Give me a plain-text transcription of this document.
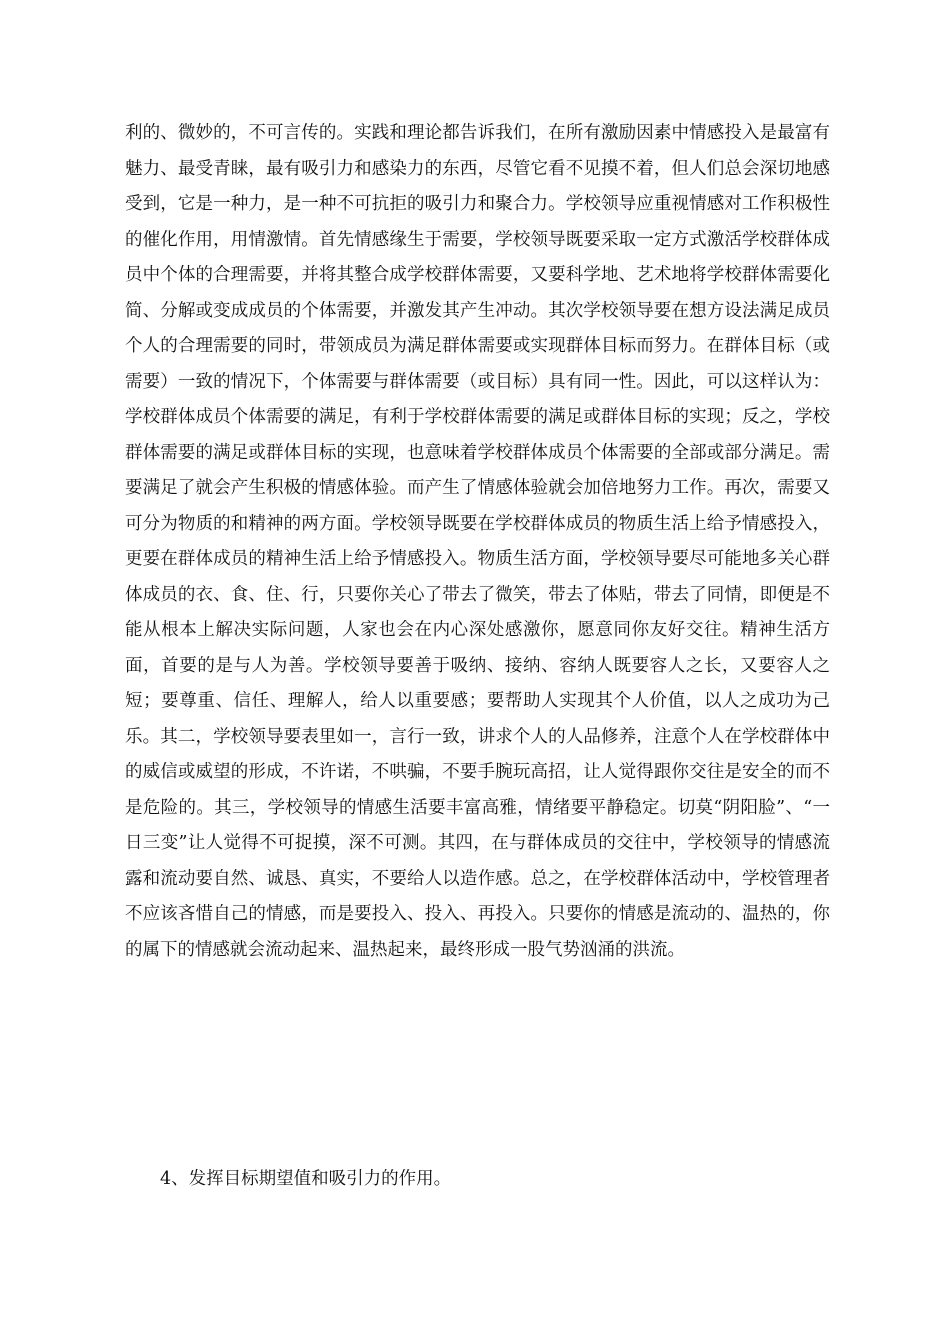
利的、微妙的，不可言传的。实践和理论都告诉我们，在所有激励因素中情感投入是最富有魅力、最受青睐，最有吸引力和感染力的东西，尽管它看不见摸不着，但人们总会深切地感受到，它是一种力，是一种不可抗拒的吸引力和聚合力。学校领导应重视情感对工作积极性的催化作用，用情激情。首先情感缘生于需要，学校领导既要采取一定方式激活学校群体成员中个体的合理需要，并将其整合成学校群体需要，又要科学地、艺术地将学校群体需要化简、分解或变成成员的个体需要，并激发其产生冲动。其次学校领导要在想方设法满足成员个人的合理需要的同时，带领成员为满足群体需要或实现群体目标而努力。在群体目标（或需要）一致的情况下，个体需要与群体需要（或目标）具有同一性。因此，可以这样认为：学校群体成员个体需要的满足，有利于学校群体需要的满足或群体目标的实现；反之，学校群体需要的满足或群体目标的实现，也意味着学校群体成员个体需要的全部或部分满足。需要满足了就会产生积极的情感体验。而产生了情感体验就会加倍地努力工作。再次，需要又可分为物质的和精神的两方面。学校领导既要在学校群体成员的物质生活上给予情感投入，更要在群体成员的精神生活上给予情感投入。物质生活方面，学校领导要尽可能地多关心群体成员的衣、食、住、行，只要你关心了带去了微笑，带去了体贴，带去了同情，即便是不能从根本上解决实际问题，人家也会在内心深处感激你，愿意同你友好交往。精神生活方面，首要的是与人为善。学校领导要善于吸纳、接纳、容纳人既要容人之长，又要容人之短；要尊重、信任、理解人，给人以重要感；要帮助人实现其个人价值，以人之成功为己乐。其二，学校领导要表里如一，言行一致，讲求个人的人品修养，注意个人在学校群体中的威信或威望的形成，不许诺，不哄骗，不要手腕玩高招，让人觉得跟你交往是安全的而不是危险的。其三，学校领导的情感生活要丰富高雅，情绪要平静稳定。切莫“阴阳脸”、“一日三变”让人觉得不可捉摸，深不可测。其四，在与群体成员的交往中，学校领导的情感流露和流动要自然、诚恳、真实，不要给人以造作感。总之，在学校群体活动中，学校管理者不应该吝惜自己的情感，而是要投入、投入、再投入。只要你的情感是流动的、温热的，你的属下的情感就会流动起来、温热起来，最终形成一股气势汹涌的洪流。

4、发挥目标期望值和吸引力的作用。
